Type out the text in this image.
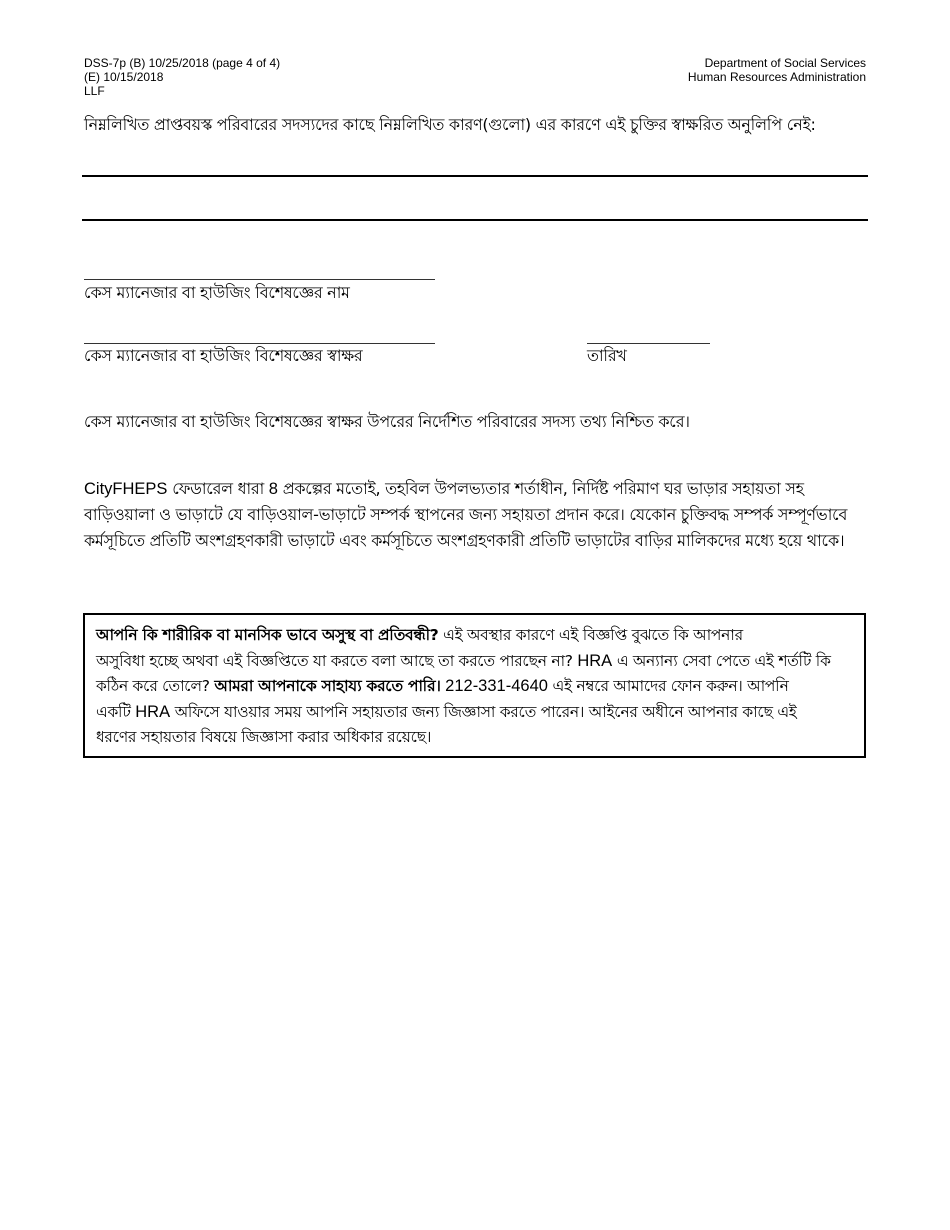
DSS-7p (B) 10/25/2018 (page 4 of 4)
(E) 10/15/2018
LLF
Department of Social Services
Human Resources Administration
নিম্নলিখিত প্রাপ্তবয়স্ক পরিবারের সদস্যদের কাছে নিম্নলিখিত কারণ(গুলো) এর কারণে এই চুক্তির স্বাক্ষরিত অনুলিপি নেই:
কেস ম্যানেজার বা হাউজিং বিশেষজ্ঞের নাম
কেস ম্যানেজার বা হাউজিং বিশেষজ্ঞের স্বাক্ষর	তারিখ
কেস ম্যানেজার বা হাউজিং বিশেষজ্ঞের স্বাক্ষর উপরের নির্দেশিত পরিবারের সদস্য তথ্য নিশ্চিত করে।
CityFHEPS ফেডারেল ধারা 8 প্রকল্পের মতোই, তহবিল উপলভ্যতার শর্তাধীন, নির্দিষ্ট পরিমাণ ঘর ভাড়ার সহায়তা সহ
বাড়িওয়ালা ও ভাড়াটে যে বাড়িওয়াল-ভাড়াটে সম্পর্ক স্থাপনের জন্য সহায়তা প্রদান করে। যেকোন চুক্তিবদ্ধ সম্পর্ক সম্পূর্ণভাবে
কর্মসূচিতে প্রতিটি অংশগ্রহণকারী ভাড়াটে এবং কর্মসূচিতে অংশগ্রহণকারী প্রতিটি ভাড়াটের বাড়ির মালিকদের মধ্যে হয়ে থাকে।
আপনি কি শারীরিক বা মানসিক ভাবে অসুস্থ বা প্রতিবন্ধী? এই অবস্থার কারণে এই বিজ্ঞপ্তি বুঝতে কি আপনার
অসুবিধা হচ্ছে অথবা এই বিজ্ঞপ্তিতে যা করতে বলা আছে তা করতে পারছেন না? HRA এ অন্যান্য সেবা পেতে এই শর্তটি কি
কঠিন করে তোলে? আমরা আপনাকে সাহায্য করতে পারি। 212-331-4640 এই নম্বরে আমাদের ফোন করুন। আপনি
একটি HRA অফিসে যাওয়ার সময় আপনি সহায়তার জন্য জিজ্ঞাসা করতে পারেন। আইনের অধীনে আপনার কাছে এই
ধরণের সহায়তার বিষয়ে জিজ্ঞাসা করার অধিকার রয়েছে।
